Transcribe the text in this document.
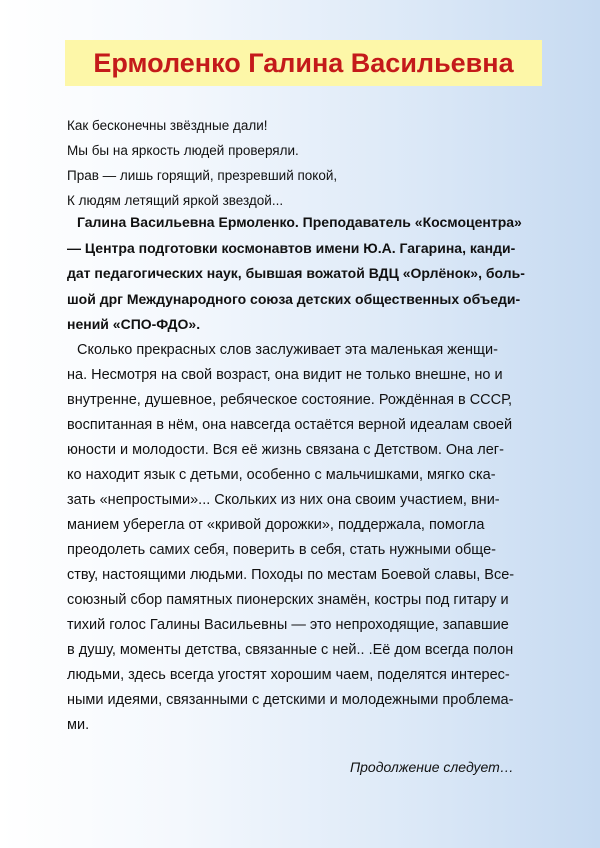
Ермоленко Галина Васильевна
Как бесконечны звёздные дали!
Мы бы на яркость людей проверяли.
Прав — лишь горящий, презревший покой,
К людям летящий яркой звездой...
Галина Васильевна Ермоленко. Преподаватель «Космоцентра»
— Центра подготовки космонавтов имени Ю.А. Гагарина, канди-
дат педагогических наук, бывшая вожатой ВДЦ «Орлёнок», боль-
шой дрг Международного союза детских общественных объеди-
нений «СПО-ФДО».
Сколько прекрасных слов заслуживает эта маленькая женщи-
на. Несмотря на свой возраст, она видит не только внешне, но и
внутренне, душевное, ребяческое состояние. Рождённая в СССР,
воспитанная в нём, она навсегда остаётся верной идеалам своей
юности и молодости. Вся её жизнь связана с Детством. Она лег-
ко находит язык с детьми, особенно с мальчишками, мягко ска-
зать «непростыми»... Скольких из них она своим участием, вни-
манием уберегла от «кривой дорожки», поддержала, помогла
преодолеть самих себя, поверить в себя, стать нужными обще-
ству, настоящими людьми. Походы по местам Боевой славы, Все-
союзный сбор памятных пионерских знамён, костры под гитару и
тихий голос Галины Васильевны — это непроходящие, запавшие
в душу, моменты детства, связанные с ней.. .Её дом всегда полон
людьми, здесь всегда угостят хорошим чаем, поделятся интерес-
ными идеями, связанными с детскими и молодежными проблема-
ми.
Продолжение следует…
